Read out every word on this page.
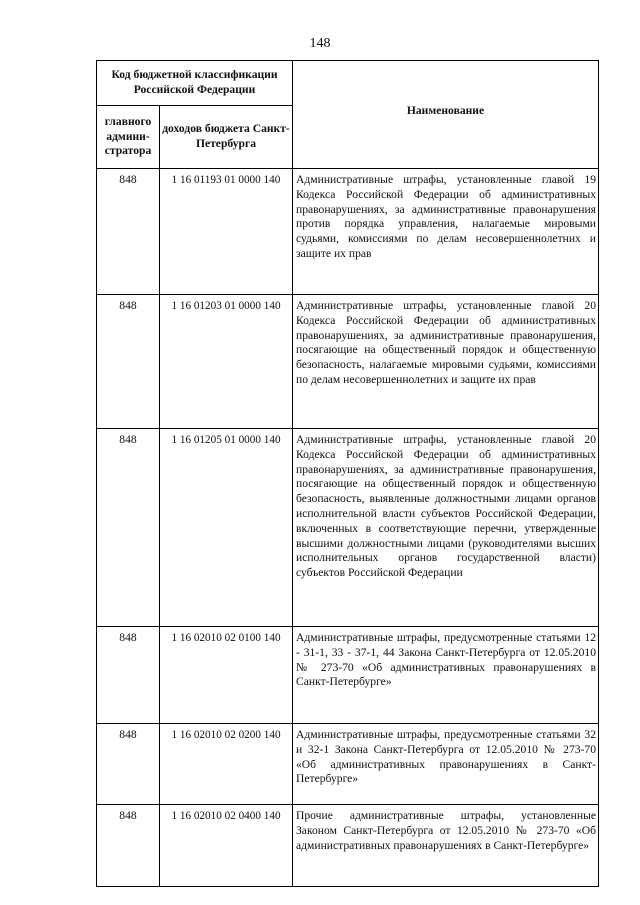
148
Код бюджетной классификации Российской Федерации		Наименование
главного админи-стратора	доходов бюджета Санкт-Петербурга	
848	1 16 01193 01 0000 140	Административные штрафы, установленные главой 19 Кодекса Российской Федерации об административных правонарушениях, за административные правонарушения против порядка управления, налагаемые мировыми судьями, комиссиями по делам несовершеннолетних и защите их прав
848	1 16 01203 01 0000 140	Административные штрафы, установленные главой 20 Кодекса Российской Федерации об административных правонарушениях, за административные правонарушения, посягающие на общественный порядок и общественную безопасность, налагаемые мировыми судьями, комиссиями по делам несовершеннолетних и защите их прав
848	1 16 01205 01 0000 140	Административные штрафы, установленные главой 20 Кодекса Российской Федерации об административных правонарушениях, за административные правонарушения, посягающие на общественный порядок и общественную безопасность, выявленные должностными лицами органов исполнительной власти субъектов Российской Федерации, включенных в соответствующие перечни, утвержденные высшими должностными лицами (руководителями высших исполнительных органов государственной власти) субъектов Российской Федерации
848	1 16 02010 02 0100 140	Административные штрафы, предусмотренные статьями 12 - 31-1, 33 - 37-1, 44 Закона Санкт-Петербурга от 12.05.2010 № 273-70 «Об административных правонарушениях в Санкт-Петербурге»
848	1 16 02010 02 0200 140	Административные штрафы, предусмотренные статьями 32 и 32-1 Закона Санкт-Петербурга от 12.05.2010 № 273-70 «Об административных правонарушениях в Санкт-Петербурге»
848	1 16 02010 02 0400 140	Прочие административные штрафы, установленные Законом Санкт-Петербурга от 12.05.2010 № 273-70 «Об административных правонарушениях в Санкт-Петербурге»
